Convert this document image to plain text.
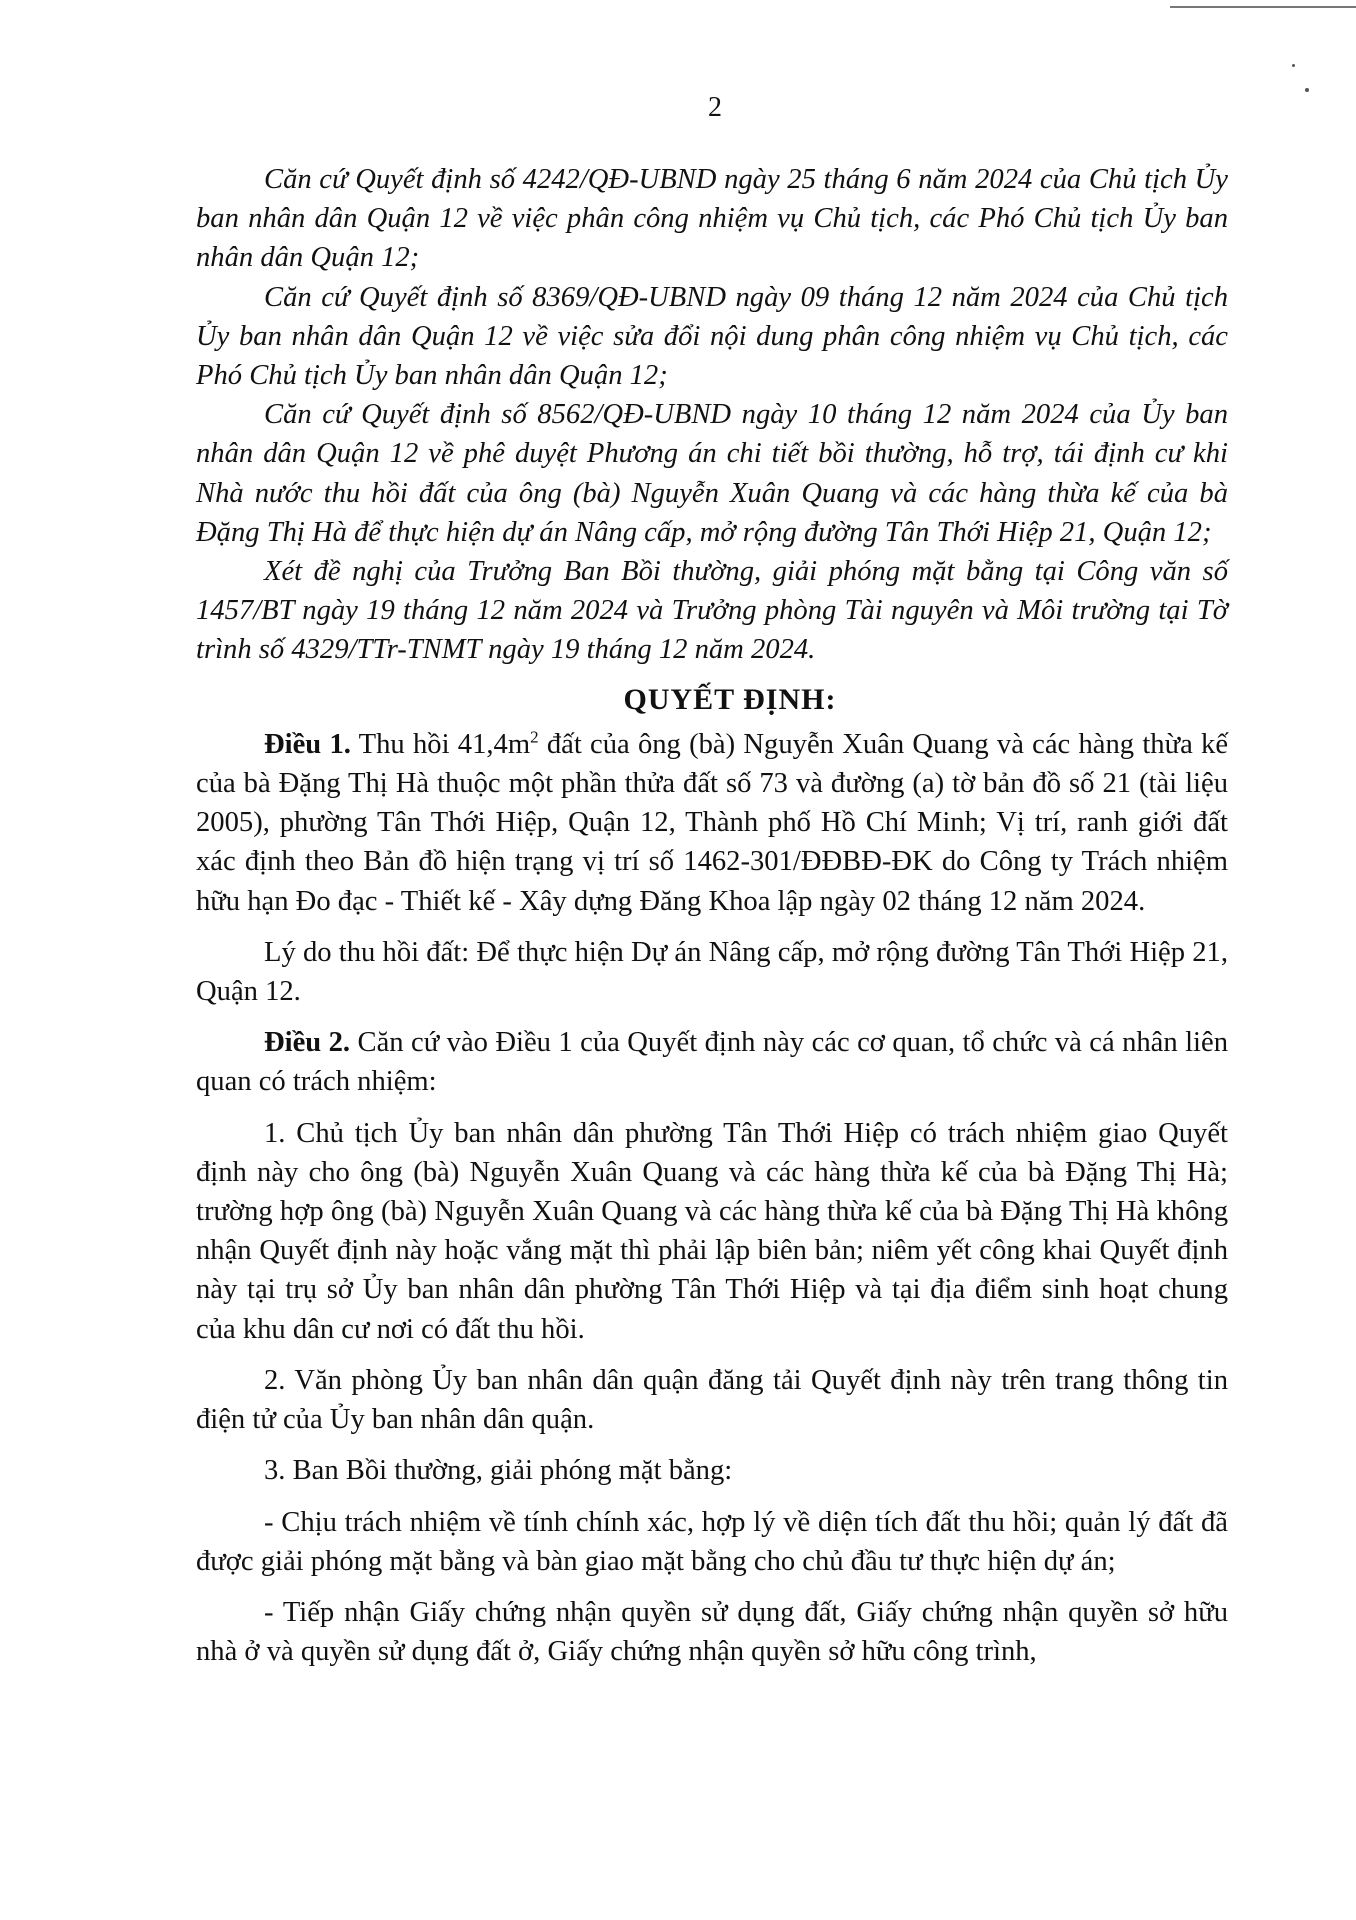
2

Căn cứ Quyết định số 4242/QĐ-UBND ngày 25 tháng 6 năm 2024 của Chủ tịch Ủy ban nhân dân Quận 12 về việc phân công nhiệm vụ Chủ tịch, các Phó Chủ tịch Ủy ban nhân dân Quận 12;

Căn cứ Quyết định số 8369/QĐ-UBND ngày 09 tháng 12 năm 2024 của Chủ tịch Ủy ban nhân dân Quận 12 về việc sửa đổi nội dung phân công nhiệm vụ Chủ tịch, các Phó Chủ tịch Ủy ban nhân dân Quận 12;

Căn cứ Quyết định số 8562/QĐ-UBND ngày 10 tháng 12 năm 2024 của Ủy ban nhân dân Quận 12 về phê duyệt Phương án chi tiết bồi thường, hỗ trợ, tái định cư khi Nhà nước thu hồi đất của ông (bà) Nguyễn Xuân Quang và các hàng thừa kế của bà Đặng Thị Hà để thực hiện dự án Nâng cấp, mở rộng đường Tân Thới Hiệp 21, Quận 12;

Xét đề nghị của Trưởng Ban Bồi thường, giải phóng mặt bằng tại Công văn số 1457/BT ngày 19 tháng 12 năm 2024 và Trưởng phòng Tài nguyên và Môi trường tại Tờ trình số 4329/TTr-TNMT ngày 19 tháng 12 năm 2024.

QUYẾT ĐỊNH:

Điều 1. Thu hồi $41,4m^2$ đất của ông (bà) Nguyễn Xuân Quang và các hàng thừa kế của bà Đặng Thị Hà thuộc một phần thửa đất số 73 và đường (a) tờ bản đồ số 21 (tài liệu 2005), phường Tân Thới Hiệp, Quận 12, Thành phố Hồ Chí Minh; Vị trí, ranh giới đất xác định theo Bản đồ hiện trạng vị trí số 1462-301/ĐĐBĐ-ĐK do Công ty Trách nhiệm hữu hạn Đo đạc - Thiết kế - Xây dựng Đăng Khoa lập ngày 02 tháng 12 năm 2024.

Lý do thu hồi đất: Để thực hiện Dự án Nâng cấp, mở rộng đường Tân Thới Hiệp 21, Quận 12.

Điều 2. Căn cứ vào Điều 1 của Quyết định này các cơ quan, tổ chức và cá nhân liên quan có trách nhiệm:

1. Chủ tịch Ủy ban nhân dân phường Tân Thới Hiệp có trách nhiệm giao Quyết định này cho ông (bà) Nguyễn Xuân Quang và các hàng thừa kế của bà Đặng Thị Hà; trường hợp ông (bà) Nguyễn Xuân Quang và các hàng thừa kế của bà Đặng Thị Hà không nhận Quyết định này hoặc vắng mặt thì phải lập biên bản; niêm yết công khai Quyết định này tại trụ sở Ủy ban nhân dân phường Tân Thới Hiệp và tại địa điểm sinh hoạt chung của khu dân cư nơi có đất thu hồi.

2. Văn phòng Ủy ban nhân dân quận đăng tải Quyết định này trên trang thông tin điện tử của Ủy ban nhân dân quận.

3. Ban Bồi thường, giải phóng mặt bằng:

- Chịu trách nhiệm về tính chính xác, hợp lý về diện tích đất thu hồi; quản lý đất đã được giải phóng mặt bằng và bàn giao mặt bằng cho chủ đầu tư thực hiện dự án;

- Tiếp nhận Giấy chứng nhận quyền sử dụng đất, Giấy chứng nhận quyền sở hữu nhà ở và quyền sử dụng đất ở, Giấy chứng nhận quyền sở hữu công trình,
